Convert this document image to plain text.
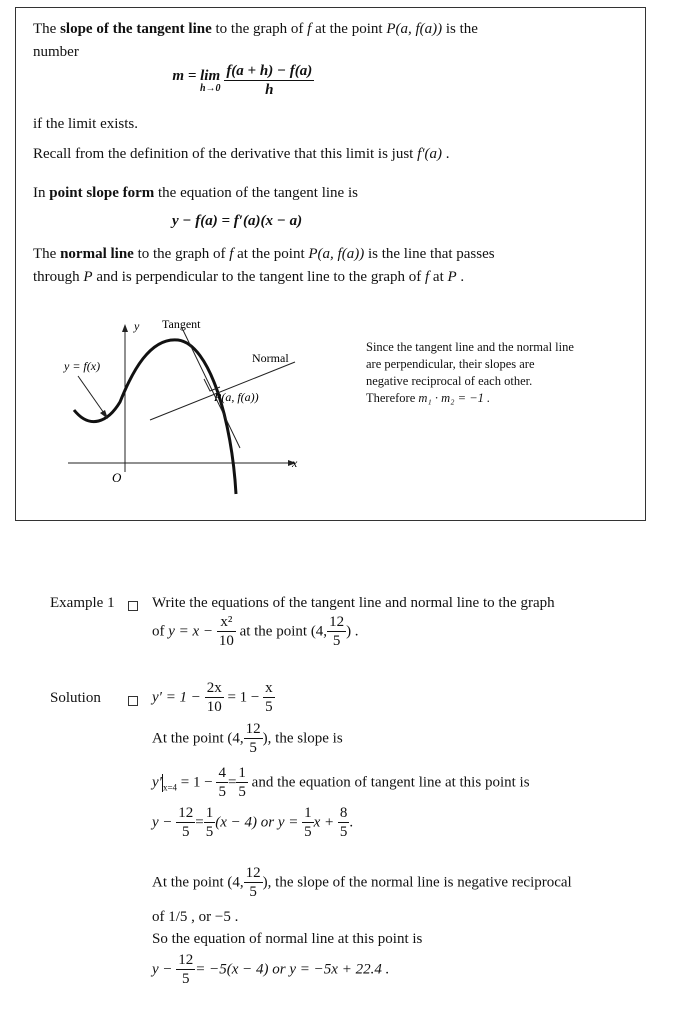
The slope of the tangent line to the graph of f at the point P(a, f(a)) is the
number
m = lim
h→0
$\frac{f(a + h) - f(a)}{h}$
if the limit exists.
Recall from the definition of the derivative that this limit is just f′(a) .
In point slope form the equation of the tangent line is
y − f(a) = f′(a)(x − a)
The normal line to the graph of f at the point P(a, f(a)) is the line that passes
through P and is perpendicular to the tangent line to the graph of f at P .
y
x
O
Tangent
Normal
y = f(x)
P(a, f(a))
Since the tangent line and the normal line
are perpendicular, their slopes are
negative reciprocal of each other.
Therefore m₁ · m₂ = −1 .
Example 1 Write the equations of the tangent line and normal line to the graph
of $y = x - \frac{\text{x²}}{10}$ at the point (4, $\frac{12}{5}$ ) .
Solution	$y' = 1 - \frac{2x}{10} = 1 - \frac{x}{5}$
At the point (4, $\frac{12}{5}$ ), the slope is
$y'_{x=4} = 1 - \frac{4}{5} = \frac{1}{5}$ and the equation of tangent line at this point is
$y - \frac{12}{5} = \frac{1}{5} (x - 4)$ or $y = \frac{1}{5}$ $x + \frac{8}{5}$ .
At the point (4, $\frac{12}{5}$ ), the slope of the normal line is negative reciprocal
of 1/5 , or −5 .
So the equation of normal line at this point is
$y - \frac{12}{5} = -5(x - 4)$ or y = −5x + 22.4 .
